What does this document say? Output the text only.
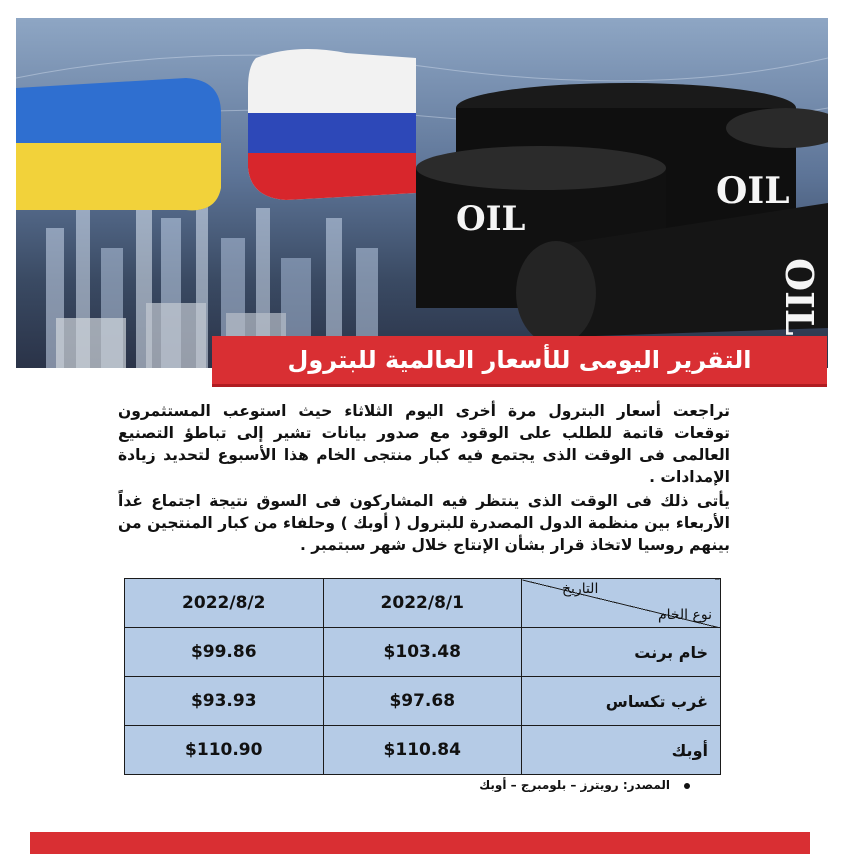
OIL
OIL
OIL
التقرير اليومى للأسعار العالمية للبترول

تراجعت أسعار البترول مرة أخرى اليوم الثلاثاء حيث استوعب المستثمرون توقعات قاتمة للطلب على الوقود مع صدور بيانات تشير إلى تباطؤ التصنيع العالمى فى الوقت الذى يجتمع فيه كبار منتجى الخام هذا الأسبوع لتحديد زيادة الإمدادات .

يأتى ذلك فى الوقت الذى ينتظر فيه المشاركون فى السوق نتيجة اجتماع غداً الأربعاء بين منظمة الدول المصدرة للبترول ( أوبك ) وحلفاء من كبار المنتجين من بينهم روسيا لاتخاذ قرار بشأن الإنتاج خلال شهر سبتمبر .

التاريخ
نوع الخام	2022/8/1	2022/8/2
خام برنت	$103.48	$99.86
غرب تكساس	$97.68	$93.93
أوبك	$110.84	$110.90
المصدر: رويترز – بلومبرج – أوبك
